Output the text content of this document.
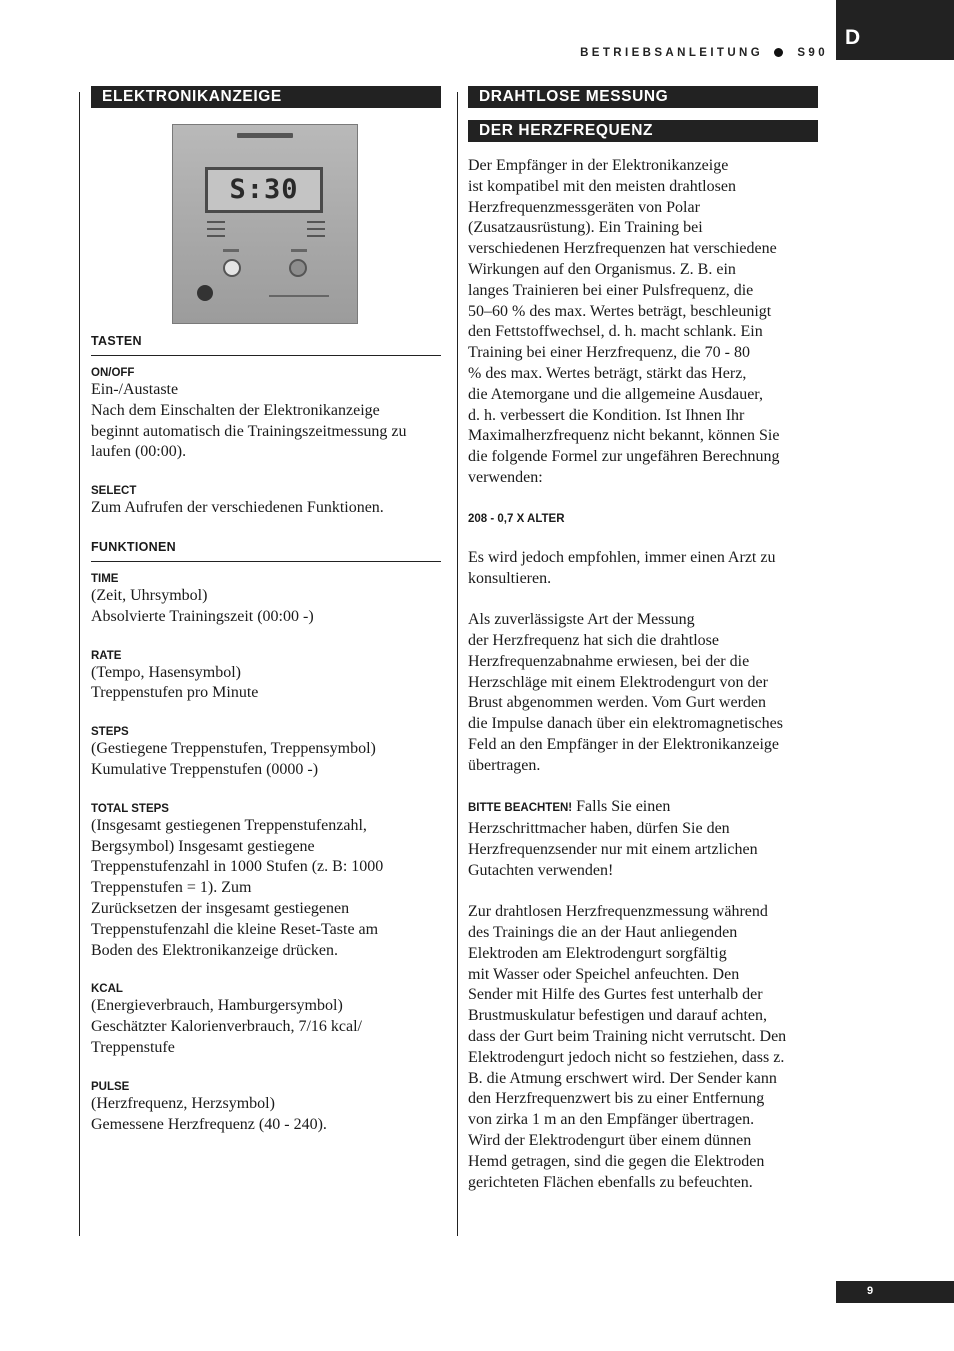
D
BETRIEBSANLEITUNG	S90
ELEKTRONIKANZEIGE
S:30
TASTEN
ON/OFF

Ein-/Austaste
Nach dem Einschalten der Elektronikanzeige
beginnt automatisch die Trainingszeitmessung zu
laufen (00:00).

SELECT

Zum Aufrufen der verschiedenen Funktionen.

FUNKTIONEN
TIME

(Zeit, Uhrsymbol)
Absolvierte Trainingszeit (00:00 -)

RATE

(Tempo, Hasensymbol)
Treppenstufen pro Minute

STEPS

(Gestiegene Treppenstufen, Treppensymbol)
Kumulative Treppenstufen (0000 -)

TOTAL STEPS

(Insgesamt gestiegenen Treppenstufenzahl,
Bergsymbol) Insgesamt gestiegene
Treppenstufenzahl in 1000 Stufen (z. B: 1000
Treppenstufen = 1). Zum
Zurücksetzen der insgesamt gestiegenen
Treppenstufenzahl die kleine Reset-Taste am
Boden des Elektronikanzeige drücken.

KCAL

(Energieverbrauch, Hamburgersymbol)
Geschätzter Kalorienverbrauch, 7/16 kcal/
Treppenstufe

PULSE

(Herzfrequenz, Herzsymbol)
Gemessene Herzfrequenz (40 - 240).

DRAHTLOSE MESSUNG
DER HERZFREQUENZ

Der Empfänger in der Elektronikanzeige
ist kompatibel mit den meisten drahtlosen
Herzfrequenzmessgeräten von Polar
(Zusatzausrüstung). Ein Training bei
verschiedenen Herzfrequenzen hat verschiedene
Wirkungen auf den Organismus. Z. B. ein
langes Trainieren bei einer Pulsfrequenz, die
50–60 % des max. Wertes beträgt, beschleunigt
den Fettstoffwechsel, d. h. macht schlank. Ein
Training bei einer Herzfrequenz, die 70 - 80
% des max. Wertes beträgt, stärkt das Herz,
die Atemorgane und die allgemeine Ausdauer,
d. h. verbessert die Kondition. Ist Ihnen Ihr
Maximalherzfrequenz nicht bekannt, können Sie
die folgende Formel zur ungefähren Berechnung
verwenden:

208 - 0,7 X ALTER

Es wird jedoch empfohlen, immer einen Arzt zu
konsultieren.

Als zuverlässigste Art der Messung
der Herzfrequenz hat sich die drahtlose
Herzfrequenzabnahme erwiesen, bei der die
Herzschläge mit einem Elektrodengurt von der
Brust abgenommen werden. Vom Gurt werden
die Impulse danach über ein elektromagnetisches
Feld an den Empfänger in der Elektronikanzeige
übertragen.

BITTE BEACHTEN! Falls Sie einen
Herzschrittmacher haben, dürfen Sie den
Herzfrequenzsender nur mit einem artzlichen
Gutachten verwenden!

Zur drahtlosen Herzfrequenzmessung während
des Trainings die an der Haut anliegenden
Elektroden am Elektrodengurt sorgfältig
mit Wasser oder Speichel anfeuchten. Den
Sender mit Hilfe des Gurtes fest unterhalb der
Brustmuskulatur befestigen und darauf achten,
dass der Gurt beim Training nicht verrutscht. Den
Elektrodengurt jedoch nicht so festziehen, dass z.
B. die Atmung erschwert wird. Der Sender kann
den Herzfrequenzwert bis zu einer Entfernung
von zirka 1 m an den Empfänger übertragen.
Wird der Elektrodengurt über einem dünnen
Hemd getragen, sind die gegen die Elektroden
gerichteten Flächen ebenfalls zu befeuchten.

9
